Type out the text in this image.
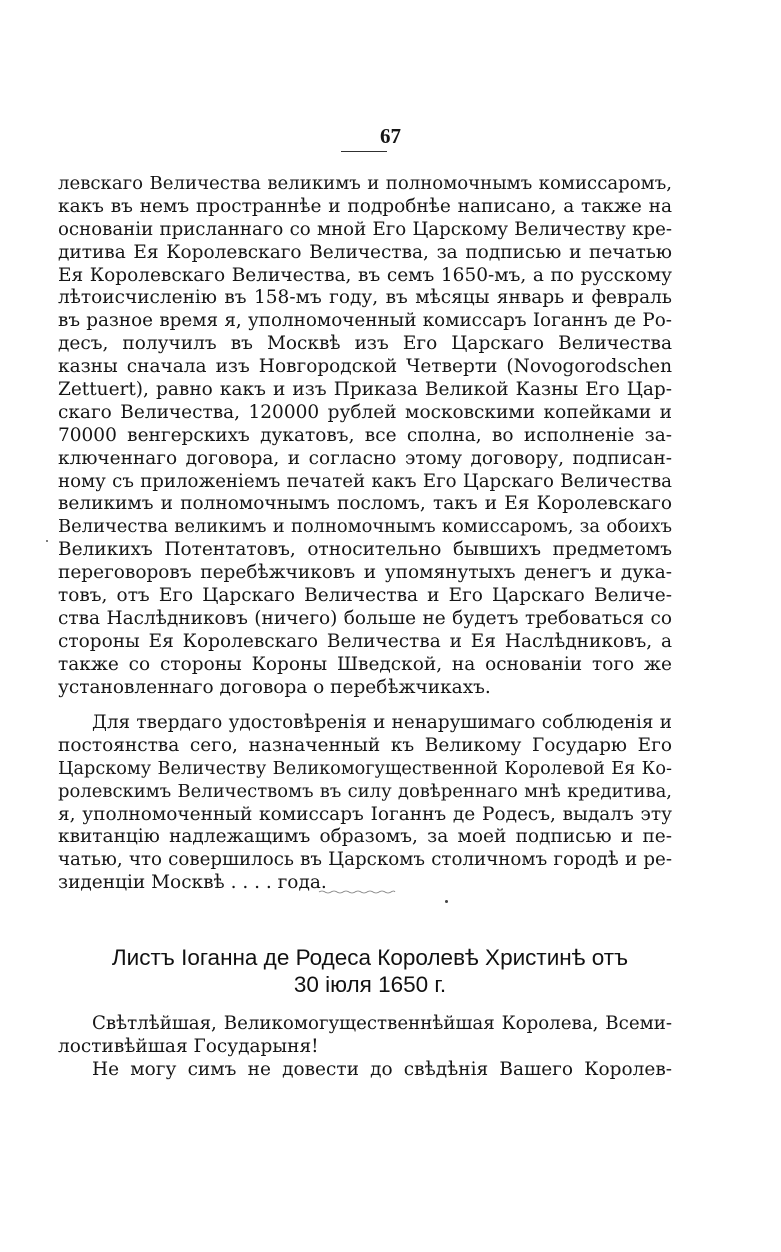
67
левскаго Величества великимъ и полномочнымъ комиссаромъ,
какъ въ немъ пространнѣе и подробнѣе написано, а также на
основаніи присланнаго со мной Его Царскому Величеству кре-
дитива Ея Королевскаго Величества, за подписью и печатью
Ея Королевскаго Величества, въ семъ 1650-мъ, а по русскому
лѣтоисчисленію въ 158-мъ году, въ мѣсяцы январь и февраль
въ разное время я, уполномоченный комиссаръ Іоганнъ де Ро-
десъ, получилъ въ Москвѣ изъ Его Царскаго Величества
казны сначала изъ Новгородской Четверти (Novogorodschen
Zettuert), равно какъ и изъ Приказа Великой Казны Его Цар-
скаго Величества, 120000 рублей московскими копейками и
70000 венгерскихъ дукатовъ, все сполна, во исполненіе за-
ключеннаго договора, и согласно этому договору, подписан-
ному съ приложеніемъ печатей какъ Его Царскаго Величества
великимъ и полномочнымъ посломъ, такъ и Ея Королевскаго
Величества великимъ и полномочнымъ комиссаромъ, за обоихъ
Великихъ Потентатовъ, относительно бывшихъ предметомъ
переговоровъ перебѣжчиковъ и упомянутыхъ денегъ и дука-
товъ, отъ Его Царскаго Величества и Его Царскаго Величе-
ства Наслѣдниковъ (ничего) больше не будетъ требоваться со
стороны Ея Королевскаго Величества и Ея Наслѣдниковъ, а
также со стороны Короны Шведской, на основаніи того же
установленнаго договора о перебѣжчикахъ.
Для твердаго удостовѣренія и ненарушимаго соблюденія и
постоянства сего, назначенный къ Великому Государю Его
Царскому Величеству Великомогущественной Королевой Ея Ко-
ролевскимъ Величествомъ въ силу довѣреннаго мнѣ кредитива,
я, уполномоченный комиссаръ Іоганнъ де Родесъ, выдалъ эту
квитанцію надлежащимъ образомъ, за моей подписью и пе-
чатью, что совершилось въ Царскомъ столичномъ городѣ и ре-
зиденціи Москвѣ . . . . года.
Листъ Іоганна де Родеса Королевѣ Христинѣ отъ
30 іюля 1650 г.
Свѣтлѣйшая, Великомогущественнѣйшая Королева, Всеми-
лостивѣйшая Государыня!
Не могу симъ не довести до свѣдѣнія Вашего Королев-
